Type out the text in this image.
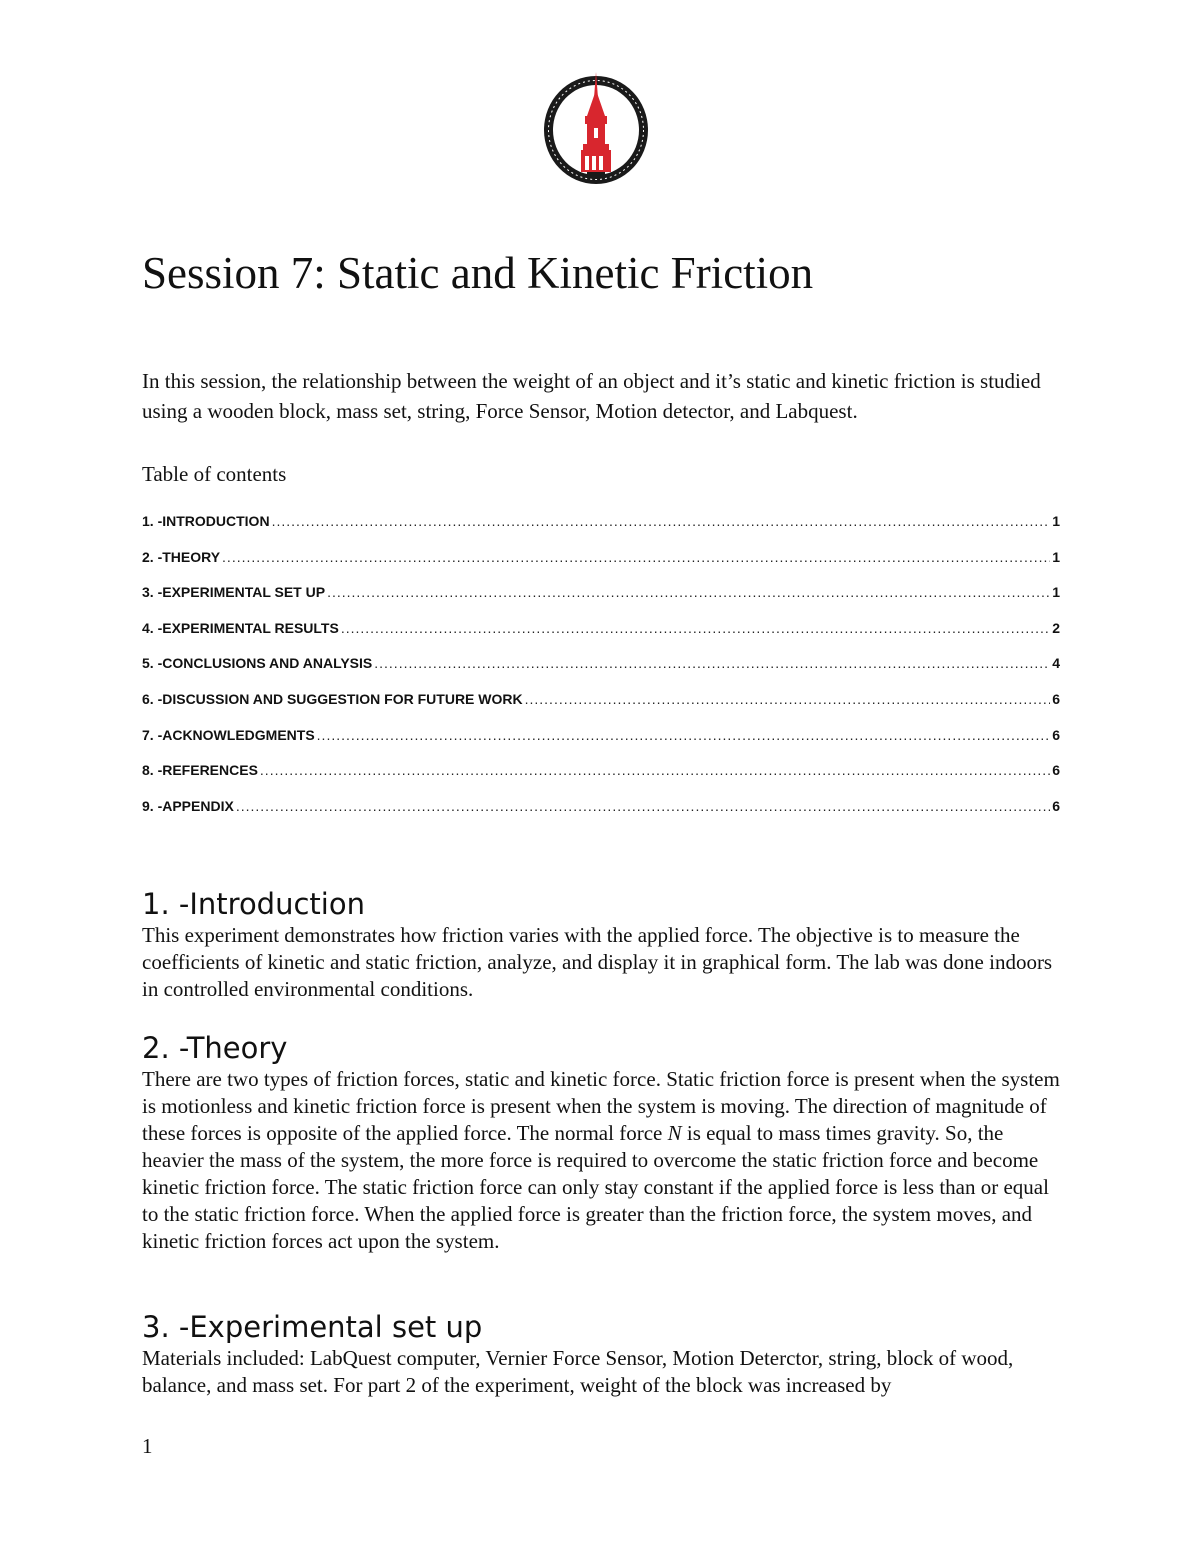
Session 7: Static and Kinetic Friction

In this session, the relationship between the weight of an object and it’s static and kinetic friction is studied using a wooden block, mass set, string, Force Sensor, Motion detector, and Labquest.

Table of contents

1. -INTRODUCTION .....	1
2. -THEORY .....	1
3. -EXPERIMENTAL SET UP .....	1
4. -EXPERIMENTAL RESULTS .....	2
5. -CONCLUSIONS AND ANALYSIS .....	4
6. -DISCUSSION AND SUGGESTION FOR FUTURE WORK .....	6
7. -ACKNOWLEDGMENTS .....	6
8. -REFERENCES .....	6
9. -APPENDIX .....	6
1. -Introduction

This experiment demonstrates how friction varies with the applied force. The objective is to measure the coefficients of kinetic and static friction, analyze, and display it in graphical form. The lab was done indoors in controlled environmental conditions.

2. -Theory

There are two types of friction forces, static and kinetic force. Static friction force is present when the system is motionless and kinetic friction force is present when the system is moving. The direction of magnitude of these forces is opposite of the applied force. The normal force N is equal to mass times gravity. So, the heavier the mass of the system, the more force is required to overcome the static friction force and become kinetic friction force. The static friction force can only stay constant if the applied force is less than or equal to the static friction force. When the applied force is greater than the friction force, the system moves, and kinetic friction forces act upon the system.

3. -Experimental set up

Materials included: LabQuest computer, Vernier Force Sensor, Motion Deterctor, string, block of wood, balance, and mass set. For part 2 of the experiment, weight of the block was increased by

1
